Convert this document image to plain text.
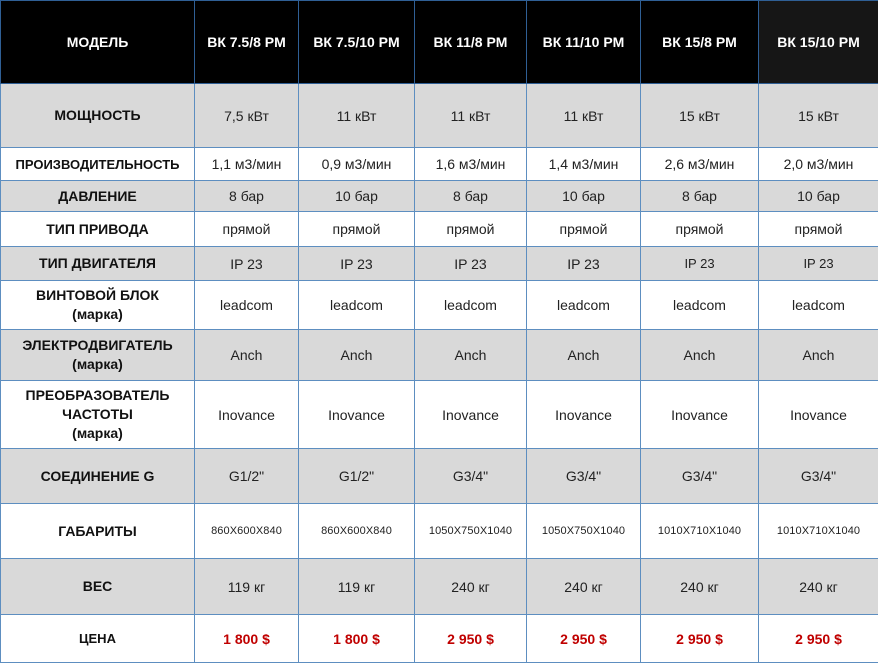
МОДЕЛЬ	ВК 7.5/8 PM	ВК 7.5/10 PM	ВК 11/8 PM	ВК 11/10 PM	ВК 15/8 PM	ВК 15/10 PM

МОЩНОСТЬ	7,5 кВт	11 кВт	11 кВт	11 кВт	15 кВт	15 кВт

ПРОИЗВОДИТЕЛЬНОСТЬ	1,1 м3/мин	0,9 м3/мин	1,6 м3/мин	1,4 м3/мин	2,6 м3/мин	2,0 м3/мин

ДАВЛЕНИЕ	8 бар	10 бар	8 бар	10 бар	8 бар	10 бар

ТИП ПРИВОДА	прямой	прямой	прямой	прямой	прямой	прямой

ТИП ДВИГАТЕЛЯ	IP 23	IP 23	IP 23	IP 23	IP 23	IP 23

ВИНТОВОЙ БЛОК
(марка)	leadcom	leadcom	leadcom	leadcom	leadcom	leadcom

ЭЛЕКТРОДВИГАТЕЛЬ
(марка)	Anch	Anch	Anch	Anch	Anch	Anch

ПРЕОБРАЗОВАТЕЛЬ
ЧАСТОТЫ
(марка)	Inovance	Inovance	Inovance	Inovance	Inovance	Inovance

СОЕДИНЕНИЕ G	G1/2"	G1/2"	G3/4"	G3/4"	G3/4"	G3/4"

ГАБАРИТЫ	860X600X840	860X600X840	1050X750X1040	1050X750X1040	1010X710X1040	1010X710X1040

ВЕС	119 кг	119 кг	240 кг	240 кг	240 кг	240 кг

ЦЕНА	1 800 $	1 800 $	2 950 $	2 950 $	2 950 $	2 950 $
